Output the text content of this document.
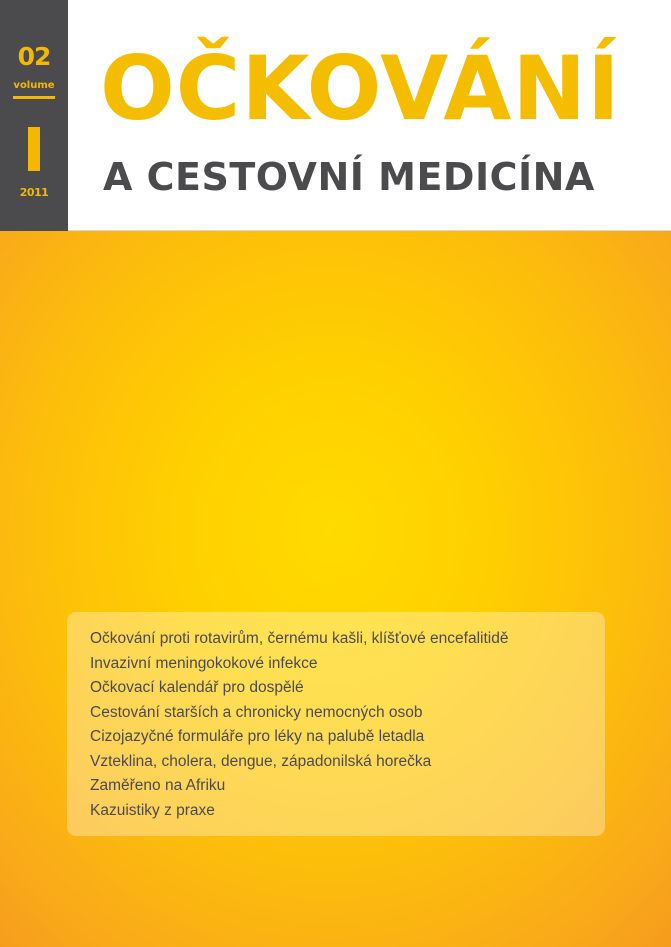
02
volume
2011
OČKOVÁNÍ
A CESTOVNÍ MEDICÍNA
Očkování proti rotavirům, černému kašli, klíšťové encefalitidě
Invazivní meningokokové infekce
Očkovací kalendář pro dospělé
Cestování starších a chronicky nemocných osob
Cizojazyčné formuláře pro léky na palubě letadla
Vzteklina, cholera, dengue, západonilská horečka
Zaměřeno na Afriku
Kazuistiky z praxe
